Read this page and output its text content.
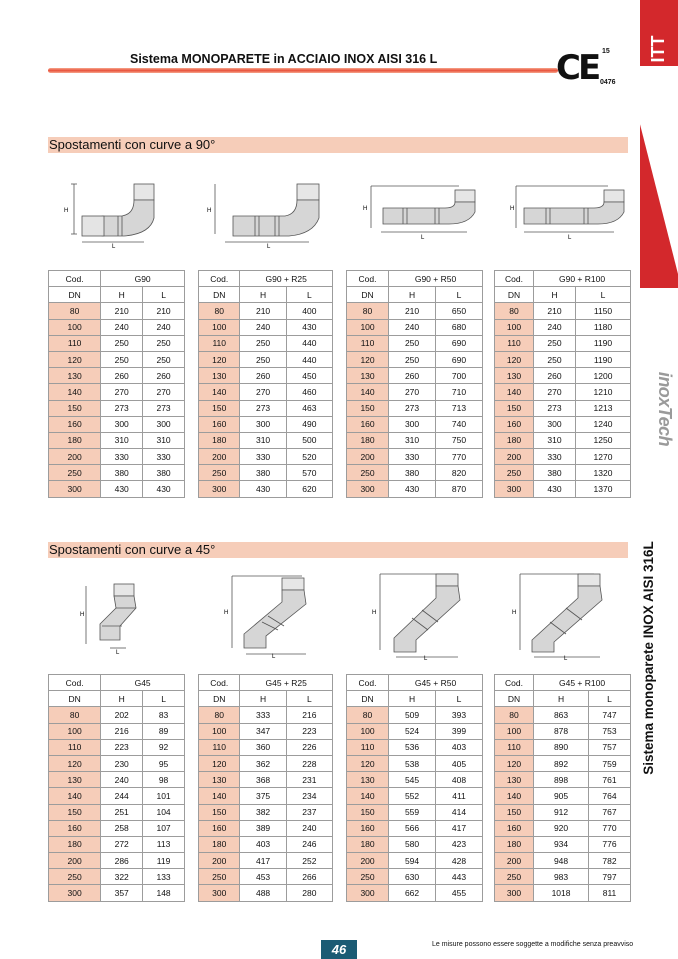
Sistema MONOPARETE in ACCIAIO INOX AISI 316 L	CE 15
0476
ITT
inoxTech
Sistema monoparete INOX AISI 316L
Spostamenti con curve a 90°
H
L
H
L
H
L
H
L
Cod.	G90	
DN	H	L
80	210	210
100	240	240
110	250	250
120	250	250
130	260	260
140	270	270
150	273	273
160	300	300
180	310	310
200	330	330
250	380	380
300	430	430
Cod.	G90 + R25	
DN	H	L
80	210	400
100	240	430
110	250	440
120	250	440
130	260	450
140	270	460
150	273	463
160	300	490
180	310	500
200	330	520
250	380	570
300	430	620
Cod.	G90 + R50	
DN	H	L
80	210	650
100	240	680
110	250	690
120	250	690
130	260	700
140	270	710
150	273	713
160	300	740
180	310	750
200	330	770
250	380	820
300	430	870
Cod.	G90 + R100	
DN	H	L
80	210	1150
100	240	1180
110	250	1190
120	250	1190
130	260	1200
140	270	1210
150	273	1213
160	300	1240
180	310	1250
200	330	1270
250	380	1320
300	430	1370
Spostamenti con curve a 45°
H
L
H
L
H
L
H
L
Cod.	G45	
DN	H	L
80	202	83
100	216	89
110	223	92
120	230	95
130	240	98
140	244	101
150	251	104
160	258	107
180	272	113
200	286	119
250	322	133
300	357	148
Cod.	G45 + R25	
DN	H	L
80	333	216
100	347	223
110	360	226
120	362	228
130	368	231
140	375	234
150	382	237
160	389	240
180	403	246
200	417	252
250	453	266
300	488	280
Cod.	G45 + R50	
DN	H	L
80	509	393
100	524	399
110	536	403
120	538	405
130	545	408
140	552	411
150	559	414
160	566	417
180	580	423
200	594	428
250	630	443
300	662	455
Cod.	G45 + R100	
DN	H	L
80	863	747
100	878	753
110	890	757
120	892	759
130	898	761
140	905	764
150	912	767
160	920	770
180	934	776
200	948	782
250	983	797
300	1018	811
46	Le misure possono essere soggette a modifiche senza preavviso
